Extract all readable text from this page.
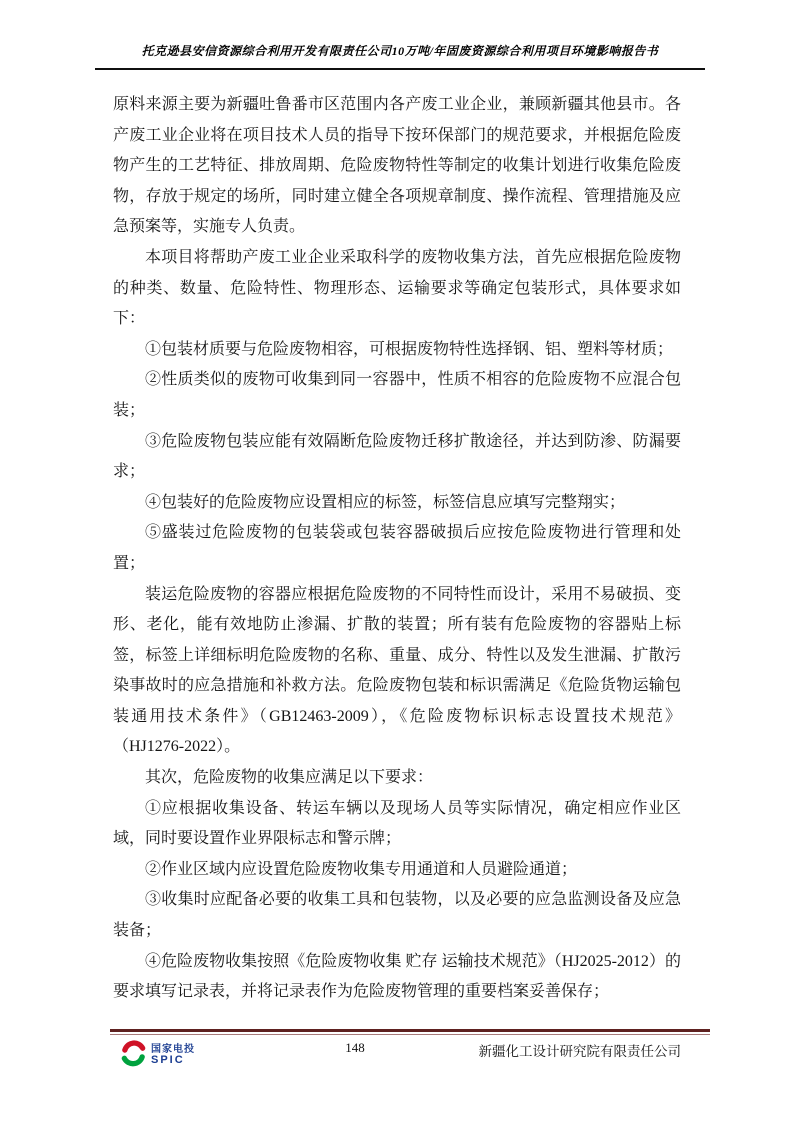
托克逊县安信资源综合利用开发有限责任公司10万吨/年固废资源综合利用项目环境影响报告书

原料来源主要为新疆吐鲁番市区范围内各产废工业企业，兼顾新疆其他县市。各产废工业企业将在项目技术人员的指导下按环保部门的规范要求，并根据危险废物产生的工艺特征、排放周期、危险废物特性等制定的收集计划进行收集危险废物，存放于规定的场所，同时建立健全各项规章制度、操作流程、管理措施及应急预案等，实施专人负责。

本项目将帮助产废工业企业采取科学的废物收集方法，首先应根据危险废物的种类、数量、危险特性、物理形态、运输要求等确定包装形式，具体要求如下：

①包装材质要与危险废物相容，可根据废物特性选择钢、铝、塑料等材质；

②性质类似的废物可收集到同一容器中，性质不相容的危险废物不应混合包装；

③危险废物包装应能有效隔断危险废物迁移扩散途径，并达到防渗、防漏要求；

④包装好的危险废物应设置相应的标签，标签信息应填写完整翔实；

⑤盛装过危险废物的包装袋或包装容器破损后应按危险废物进行管理和处置；

装运危险废物的容器应根据危险废物的不同特性而设计，采用不易破损、变形、老化，能有效地防止渗漏、扩散的装置；所有装有危险废物的容器贴上标签，标签上详细标明危险废物的名称、重量、成分、特性以及发生泄漏、扩散污染事故时的应急措施和补救方法。危险废物包装和标识需满足《危险货物运输包装通用技术条件》（GB12463-2009），《危险废物标识标志设置技术规范》（HJ1276-2022）。

其次，危险废物的收集应满足以下要求：

①应根据收集设备、转运车辆以及现场人员等实际情况，确定相应作业区域，同时要设置作业界限标志和警示牌；

②作业区域内应设置危险废物收集专用通道和人员避险通道；

③收集时应配备必要的收集工具和包装物，以及必要的应急监测设备及应急装备；

④危险废物收集按照《危险废物收集 贮存 运输技术规范》（HJ2025-2012）的要求填写记录表，并将记录表作为危险废物管理的重要档案妥善保存；

国家电投
SPIC
148	新疆化工设计研究院有限责任公司
